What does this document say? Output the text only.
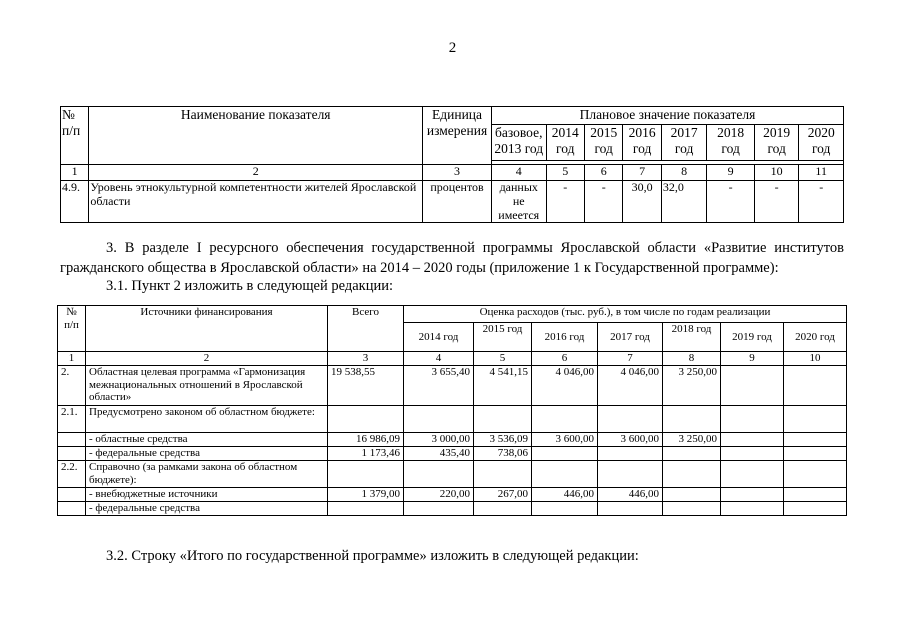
2
№ п/п	Наименование показателя	Единица измерения	Плановое значение показателя							
			базовое, 2013 год	2014 год	2015 год	2016 год	2017 год	2018 год	2019 год	2020 год

1	2	3	4	5	6	7	8	9	10	11
4.9.	Уровень этнокультурной компетентности жителей Ярославской области	процентов	данных не имеется	-	-	30,0	32,0	-	-	-
3. В разделе I ресурсного обеспечения государственной программы Ярославской области «Развитие институтов гражданского общества в Ярославской области» на 2014 – 2020 годы (приложение 1 к Государственной программе):
3.1. Пункт 2 изложить в следующей редакции:
№ п/п	Источники финансирования	Всего	Оценка расходов (тыс. руб.), в том числе по годам реализации						
			2014 год	2015 год	2016 год	2017 год	2018 год	2019 год	2020 год
1	2	3	4	5	6	7	8	9	10
2.	Областная целевая программа «Гармонизация межнациональных отношений в Ярославской области»	19 538,55	3 655,40	4 541,15	4 046,00	4 046,00	3 250,00		
2.1.	Предусмотрено законом об областном бюджете:								
	- областные средства	16 986,09	3 000,00	3 536,09	3 600,00	3 600,00	3 250,00		
	- федеральные средства	1 173,46	435,40	738,06					
2.2.	Справочно (за рамками закона об областном бюджете):								
	- внебюджетные источники	1 379,00	220,00	267,00	446,00	446,00			
	- федеральные средства								
3.2. Строку «Итого по государственной программе» изложить в следующей редакции:
